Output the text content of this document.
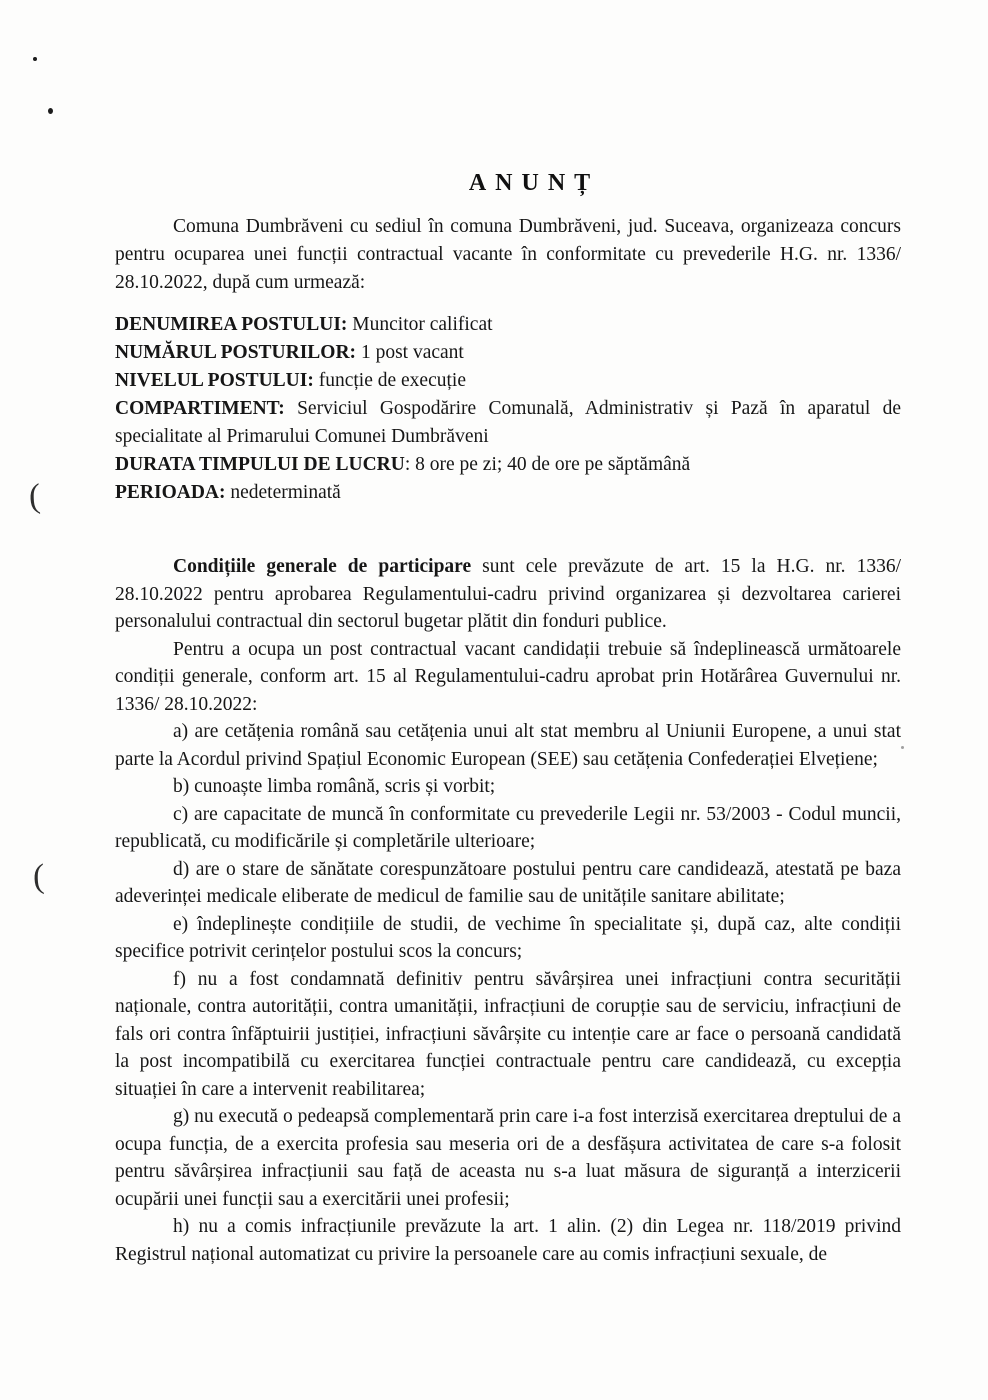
(
(
ANUNȚ

Comuna Dumbrăveni cu sediul în comuna Dumbrăveni, jud. Suceava, organizeaza concurs pentru ocuparea unei funcții contractual vacante în conformitate cu prevederile H.G. nr. 1336/ 28.10.2022, după cum urmează:

DENUMIREA POSTULUI: Muncitor calificat

NUMĂRUL POSTURILOR: 1 post vacant

NIVELUL POSTULUI: funcție de execuție

COMPARTIMENT: Serviciul Gospodărire Comunală, Administrativ și Pază în aparatul de specialitate al Primarului Comunei Dumbrăveni

DURATA TIMPULUI DE LUCRU: 8 ore pe zi; 40 de ore pe săptămână

PERIOADA: nedeterminată

Condițiile generale de participare sunt cele prevăzute de art. 15 la H.G. nr. 1336/ 28.10.2022 pentru aprobarea Regulamentului-cadru privind organizarea și dezvoltarea carierei personalului contractual din sectorul bugetar plătit din fonduri publice.

Pentru a ocupa un post contractual vacant candidații trebuie să îndeplinească următoarele condiții generale, conform art. 15 al Regulamentului-cadru aprobat prin Hotărârea Guvernului nr. 1336/ 28.10.2022:

a) are cetățenia română sau cetățenia unui alt stat membru al Uniunii Europene, a unui stat parte la Acordul privind Spațiul Economic European (SEE) sau cetățenia Confederației Elvețiene;

b) cunoaște limba română, scris și vorbit;

c) are capacitate de muncă în conformitate cu prevederile Legii nr. 53/2003 - Codul muncii, republicată, cu modificările și completările ulterioare;

d) are o stare de sănătate corespunzătoare postului pentru care candidează, atestată pe baza adeverinței medicale eliberate de medicul de familie sau de unitățile sanitare abilitate;

e) îndeplinește condițiile de studii, de vechime în specialitate și, după caz, alte condiții specifice potrivit cerințelor postului scos la concurs;

f) nu a fost condamnată definitiv pentru săvârșirea unei infracțiuni contra securității naționale, contra autorității, contra umanității, infracțiuni de corupție sau de serviciu, infracțiuni de fals ori contra înfăptuirii justiției, infracțiuni săvârșite cu intenție care ar face o persoană candidată la post incompatibilă cu exercitarea funcției contractuale pentru care candidează, cu excepția situației în care a intervenit reabilitarea;

g) nu execută o pedeapsă complementară prin care i-a fost interzisă exercitarea dreptului de a ocupa funcția, de a exercita profesia sau meseria ori de a desfășura activitatea de care s-a folosit pentru săvârșirea infracțiunii sau față de aceasta nu s-a luat măsura de siguranță a interzicerii ocupării unei funcții sau a exercitării unei profesii;

h) nu a comis infracțiunile prevăzute la art. 1 alin. (2) din Legea nr. 118/2019 privind Registrul național automatizat cu privire la persoanele care au comis infracțiuni sexuale, de
